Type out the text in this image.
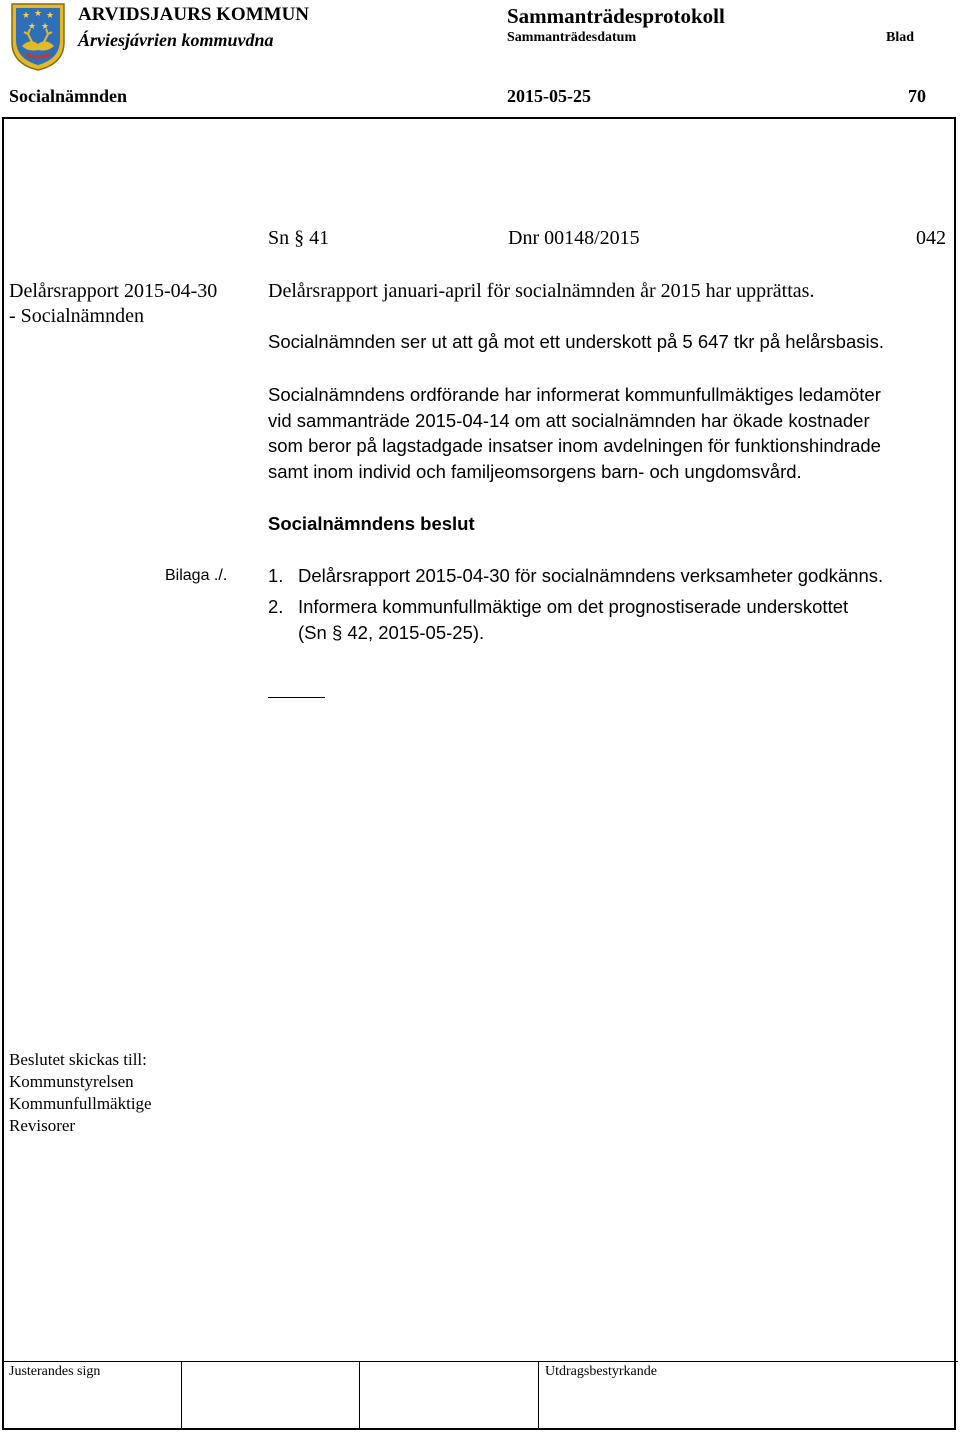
★ ★ ★
★ ★
ARVIDSJAURS KOMMUN
Árviesjávrien kommuvdna
Sammanträdesprotokoll
Sammanträdesdatum	Blad
Socialnämnden	2015-05-25	70
Sn § 41	Dnr 00148/2015	042
Delårsrapport 2015-04-30
- Socialnämnden
Delårsrapport januari-april för socialnämnden år 2015 har upprättas.
Socialnämnden ser ut att gå mot ett underskott på 5 647 tkr på helårsbasis.
Socialnämndens ordförande har informerat kommunfullmäktiges ledamöter
vid sammanträde 2015-04-14 om att socialnämnden har ökade kostnader
som beror på lagstadgade insatser inom avdelningen för funktionshindrade
samt inom individ och familjeomsorgens barn- och ungdomsvård.
Socialnämndens beslut
Bilaga ./. 1. Delårsrapport 2015-04-30 för socialnämndens verksamheter godkänns.
2. Informera kommunfullmäktige om det prognostiserade underskottet
(Sn § 42, 2015-05-25).
Beslutet skickas till:
Kommunstyrelsen
Kommunfullmäktige
Revisorer
Justerandes sign	Utdragsbestyrkande
